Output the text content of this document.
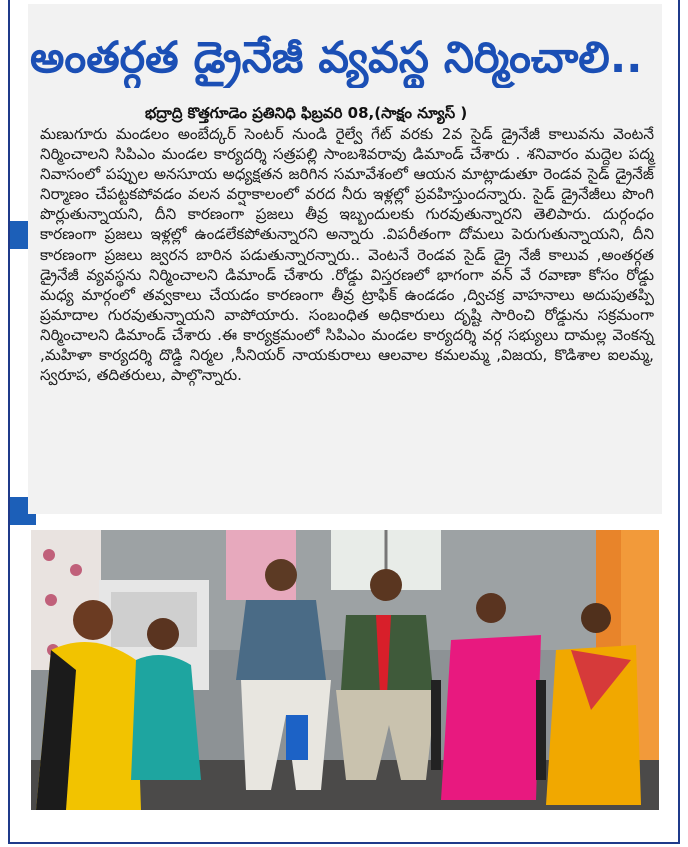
అంతర్గత డ్రైనేజీ వ్యవస్థ నిర్మించాలి..
భద్రాద్రి కొత్తగూడెం ప్రతినిధి ఫిబ్రవరి 08,(సాక్షం న్యూస్ )

మణుగూరు మండలం అంబేద్కర్ సెంటర్ నుండి రైల్వే గేట్ వరకు 2వ సైడ్ డ్రైనేజీ కాలువను వెంటనే నిర్మించాలని సిపిఎం మండల కార్యదర్శి సత్రపల్లి సాంబశివరావు డిమాండ్ చేశారు . శనివారం మద్దెల పద్మ నివాసంలో పప్పుల అనసూయ అధ్యక్షతన జరిగిన సమావేశంలో ఆయన మాట్లాడుతూ రెండవ సైడ్ డ్రైనేజ్ నిర్మాణం చేపట్టకపోవడం వలన వర్షాకాలంలో వరద నీరు ఇళ్లల్లో ప్రవహిస్తుందన్నారు. సైడ్ డ్రైనేజీలు పొంగి పొర్లుతున్నాయని, దీని కారణంగా ప్రజలు తీవ్ర ఇబ్బందులకు గురవుతున్నారని తెలిపారు. దుర్గంధం కారణంగా ప్రజలు ఇళ్లల్లో ఉండలేకపోతున్నారని అన్నారు .విపరీతంగా దోమలు పెరుగుతున్నాయని, దీని కారణంగా ప్రజలు జ్వరన బారిన పడుతున్నారన్నారు.. వెంటనే రెండవ సైడ్ డ్రై నేజీ కాలువ ,అంతర్గత డ్రైనేజీ వ్యవస్థను నిర్మించాలని డిమాండ్ చేశారు .రోడ్డు విస్తరణలో భాగంగా వన్ వే రవాణా కోసం రోడ్డు మధ్య మార్గంలో తవ్వకాలు చేయడం కారణంగా తీవ్ర ట్రాఫిక్ ఉండడం ,ద్విచక్ర వాహనాలు అదుపుతప్పి ప్రమాదాల గురవుతున్నాయని వాపోయారు. సంబంధిత అధికారులు దృష్టి సారించి రోడ్డును సక్రమంగా నిర్మించాలని డిమాండ్ చేశారు .ఈ కార్యక్రమంలో సిపిఎం మండల కార్యదర్శి వర్గ సభ్యులు దామల్ల వెంకన్న ,మహిళా కార్యదర్శి దొడ్డి నిర్మల ,సీనియర్ నాయకురాలు ఆలవాల కమలమ్మ ,విజయ, కొడిశాల ఐలమ్మ, స్వరూప, తదితరులు, పాల్గొన్నారు.
